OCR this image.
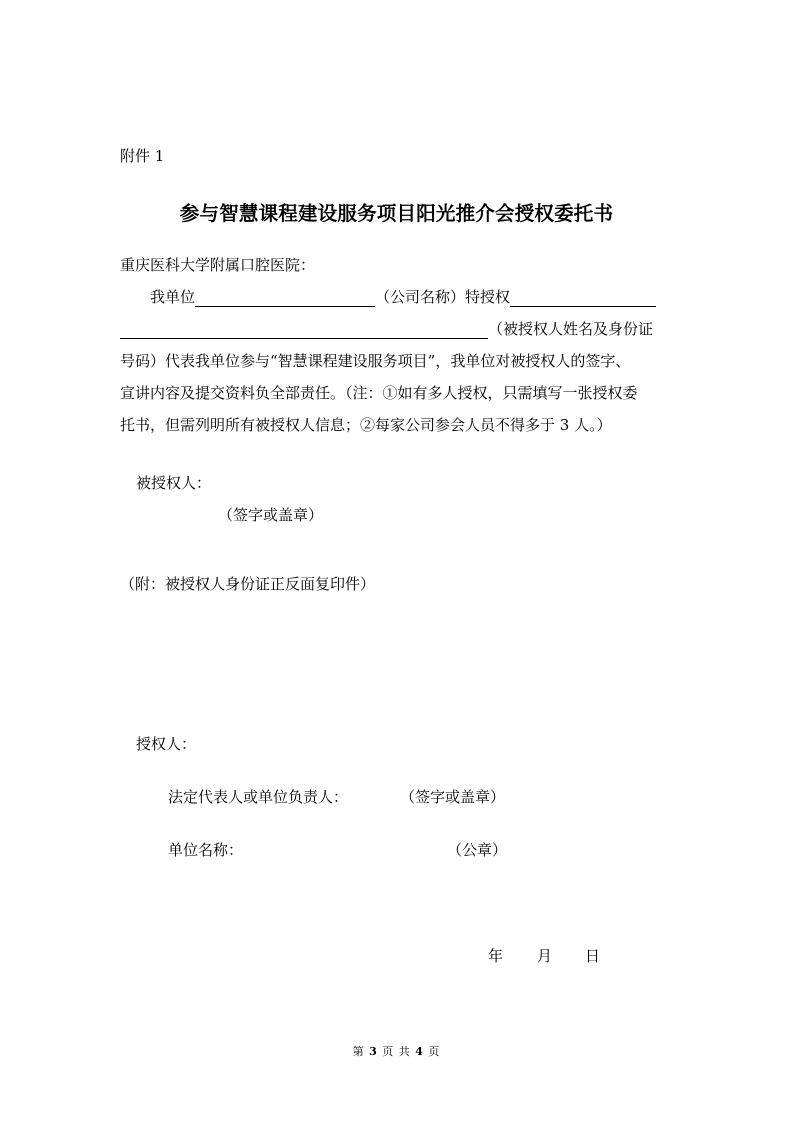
附件 1
参与智慧课程建设服务项目阳光推介会授权委托书
重庆医科大学附属口腔医院：
我单位	（公司名称）特授权
（被授权人姓名及身份证
号码）代表我单位参与“智慧课程建设服务项目”，我单位对被授权人的签字、
宣讲内容及提交资料负全部责任。（注：①如有多人授权，只需填写一张授权委
托书，但需列明所有被授权人信息；②每家公司参会人员不得多于 3 人。）
被授权人：
（签字或盖章）
（附：被授权人身份证正反面复印件）
授权人：
法定代表人或单位负责人：	（签字或盖章）
单位名称：	（公章）
年 月 日
第 3 页 共 4 页
